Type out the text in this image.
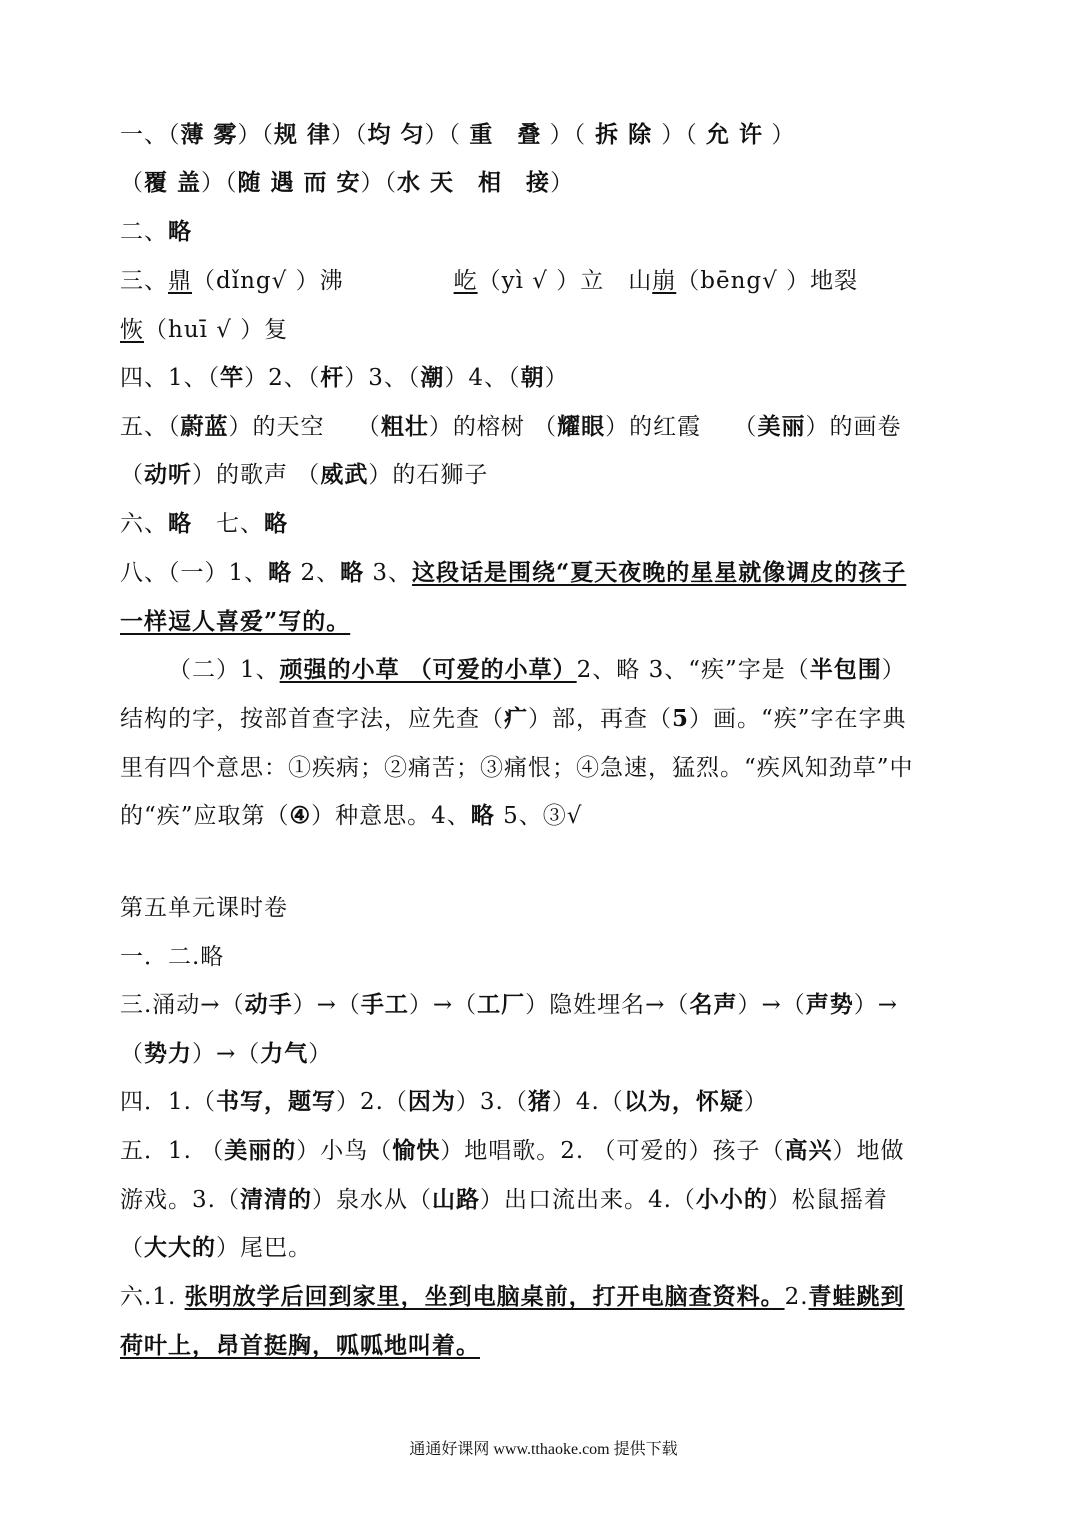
一、（薄 雾）（规 律）（均 匀）（ 重　叠 ）（ 拆 除 ）（ 允 许 ）
（覆 盖）（随 遇 而 安）（水 天　相　接）
二、略
三、鼎（dǐng√ ）沸	屹（yì √ ）立　山崩（bēng√ ）地裂
恢（huī √ ）复
四、1、（竿）2、（杆）3、（潮）4、（朝）
五、（蔚蓝）的天空　 （粗壮）的榕树 （耀眼）的红霞　 （美丽）的画卷
（动听）的歌声 （威武）的石狮子
六、略　七、略
八、（一）1、略 2、略 3、这段话是围绕“夏天夜晚的星星就像调皮的孩子
一样逗人喜爱”写的。
（二）1、顽强的小草 （可爱的小草）2、略 3、“疾”字是（半包围）
结构的字，按部首查字法，应先查（疒）部，再查（5）画。“疾”字在字典
里有四个意思：①疾病；②痛苦；③痛恨；④急速，猛烈。“疾风知劲草”中
的“疾”应取第（④）种意思。4、略 5、③√
第五单元课时卷
一．二.略
三.涌动→（动手）→（手工）→（工厂）隐姓埋名→（名声）→（声势）→
（势力）→（力气）
四．1.（书写，题写）2.（因为）3.（猪）4.（以为，怀疑）
五．1. （美丽的）小鸟（愉快）地唱歌。2. （可爱的）孩子（高兴）地做
游戏。3.（清清的）泉水从（山路）出口流出来。4.（小小的）松鼠摇着
（大大的）尾巴。
六.1. 张明放学后回到家里，坐到电脑桌前，打开电脑查资料。2.青蛙跳到
荷叶上，昂首挺胸，呱呱地叫着。
通通好课网 www.tthaoke.com 提供下载
